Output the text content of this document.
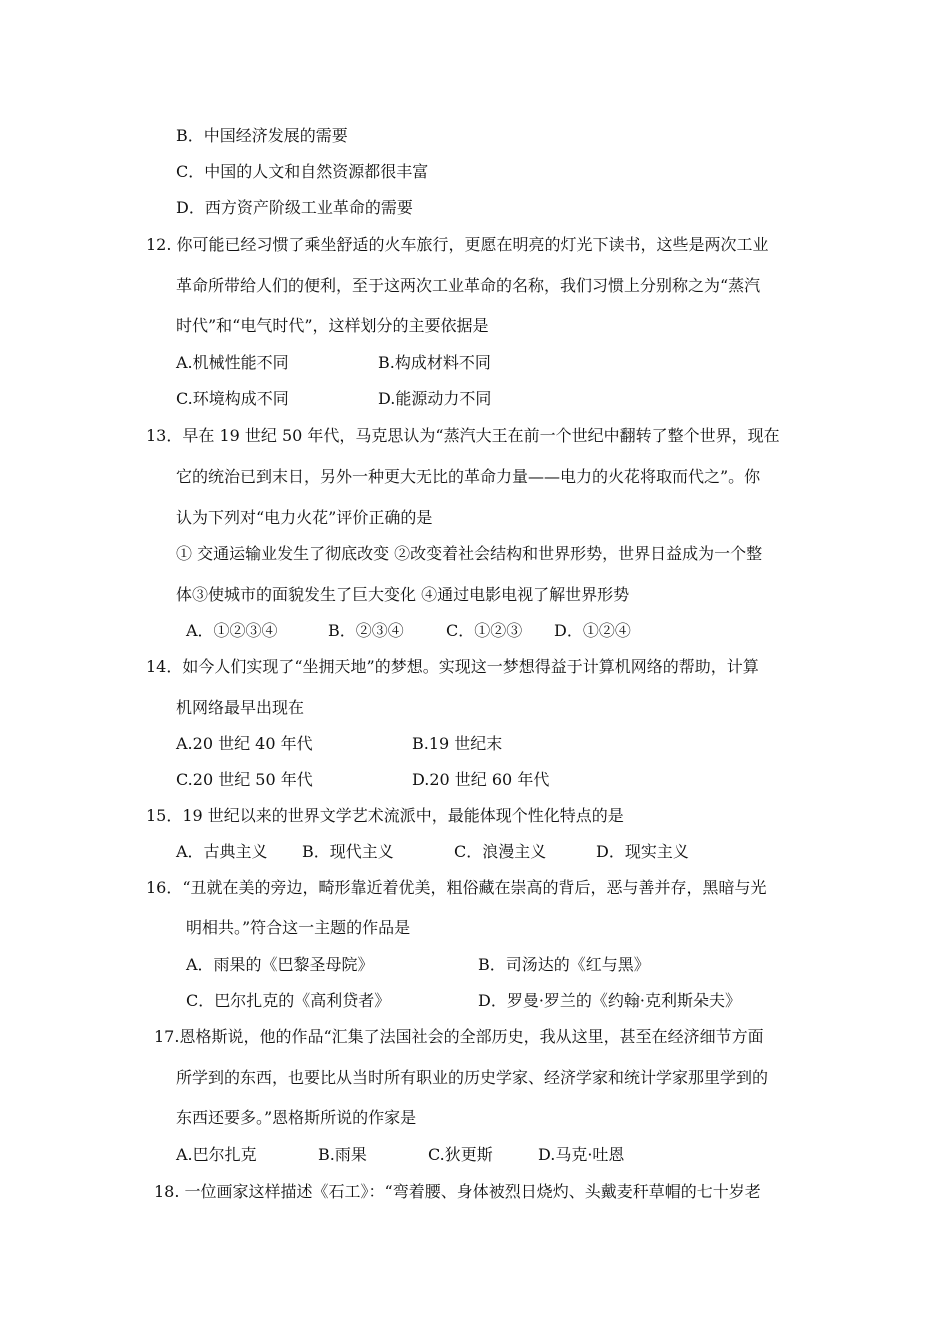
B．中国经济发展的需要
C．中国的人文和自然资源都很丰富
D．西方资产阶级工业革命的需要
12. 你可能已经习惯了乘坐舒适的火车旅行，更愿在明亮的灯光下读书，这些是两次工业
革命所带给人们的便利，至于这两次工业革命的名称，我们习惯上分别称之为“蒸汽
时代”和“电气时代”，这样划分的主要依据是
A.机械性能不同	B.构成材料不同
C.环境构成不同	D.能源动力不同
13．早在 19 世纪 50 年代，马克思认为“蒸汽大王在前一个世纪中翻转了整个世界，现在
它的统治已到末日，另外一种更大无比的革命力量——电力的火花将取而代之”。你
认为下列对“电力火花”评价正确的是
① 交通运输业发生了彻底改变 ②改变着社会结构和世界形势，世界日益成为一个整
体③使城市的面貌发生了巨大变化 ④通过电影电视了解世界形势
A．①②③④	B．②③④	C．①②③ D．①②④
14．如今人们实现了“坐拥天地”的梦想。实现这一梦想得益于计算机网络的帮助，计算
机网络最早出现在
A.20 世纪 40 年代	B.19 世纪末
C.20 世纪 50 年代	D.20 世纪 60 年代
15．19 世纪以来的世界文学艺术流派中，最能体现个性化特点的是
A．古典主义 B．现代主义	C．浪漫主义	D．现实主义
16．“丑就在美的旁边，畸形靠近着优美，粗俗藏在崇高的背后，恶与善并存，黑暗与光
明相共。”符合这一主题的作品是
A．雨果的《巴黎圣母院》	B．司汤达的《红与黑》
C．巴尔扎克的《高利贷者》	D．罗曼·罗兰的《约翰·克利斯朵夫》
17.恩格斯说，他的作品“汇集了法国社会的全部历史，我从这里，甚至在经济细节方面
所学到的东西，也要比从当时所有职业的历史学家、经济学家和统计学家那里学到的
东西还要多。”恩格斯所说的作家是
A.巴尔扎克	B.雨果	C.狄更斯	D.马克·吐恩
18. 一位画家这样描述《石工》：“弯着腰、身体被烈日烧灼、头戴麦秆草帽的七十岁老
